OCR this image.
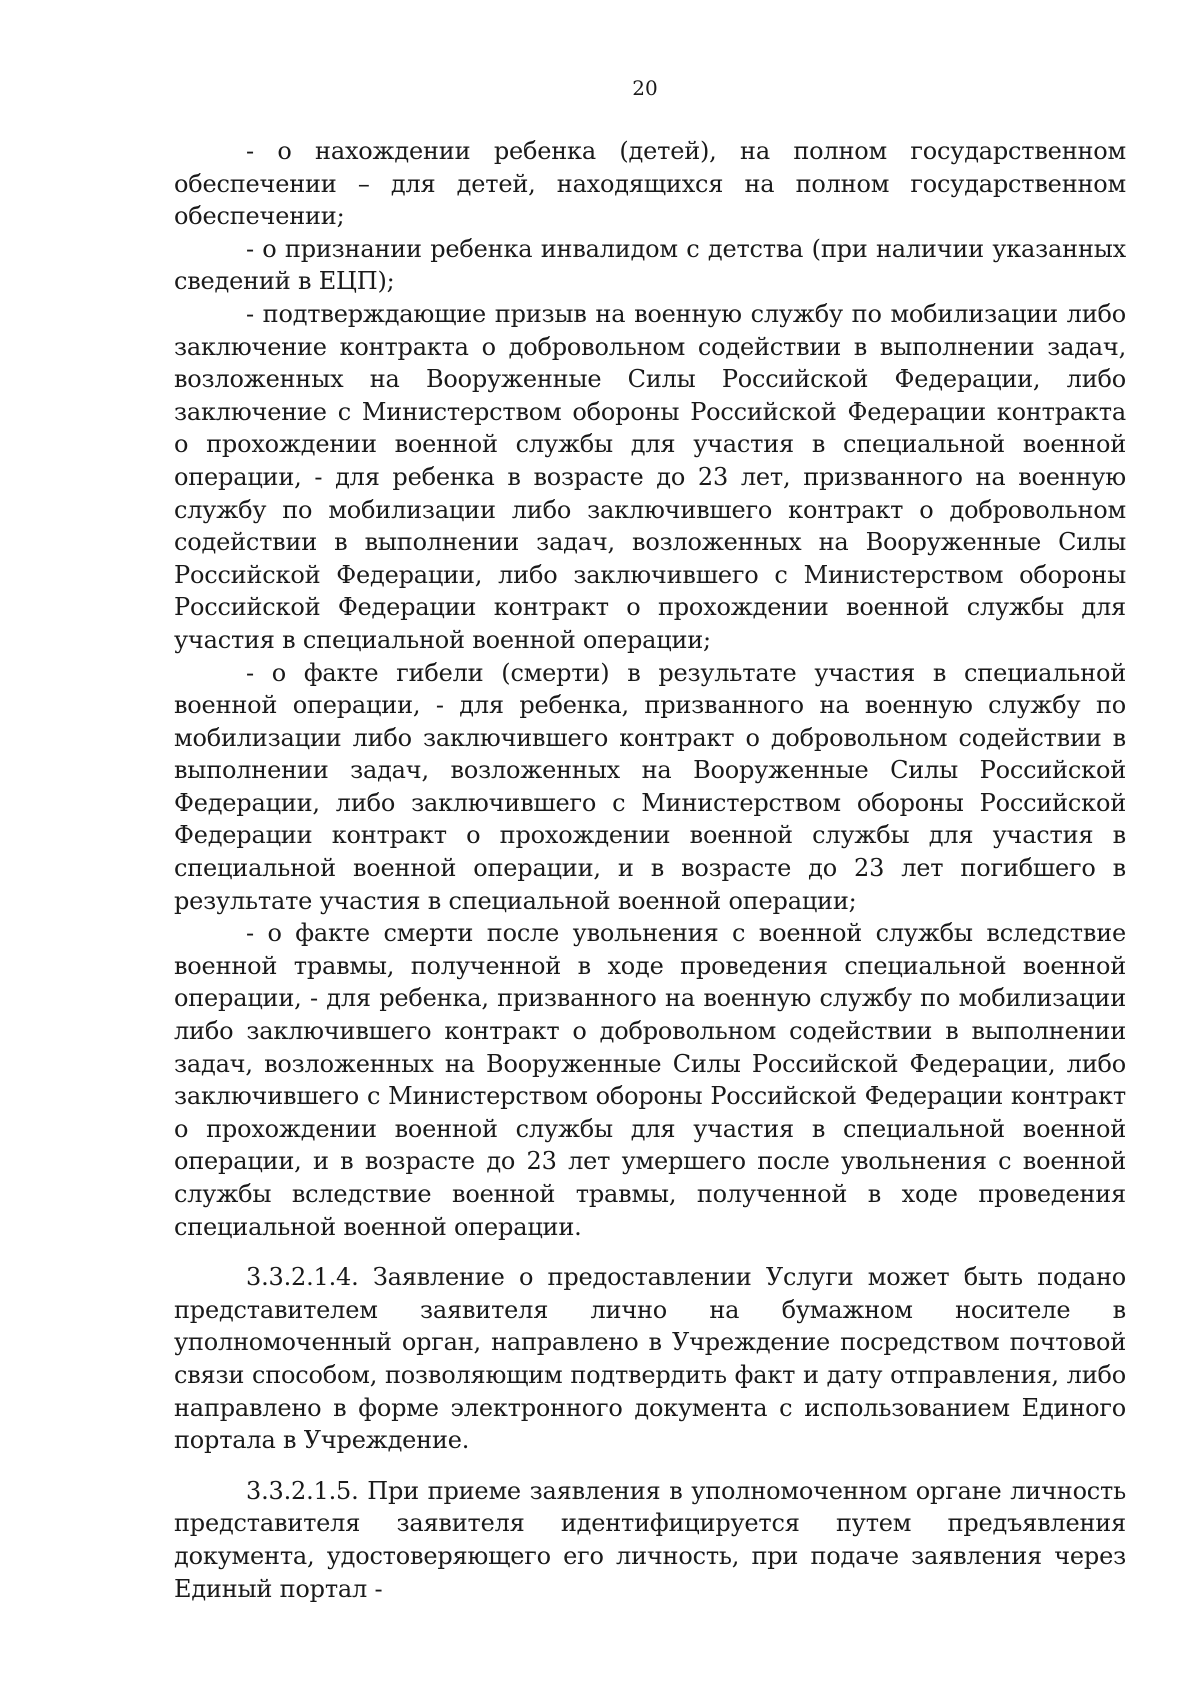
20

- о нахождении ребенка (детей), на полном государственном обеспечении – для детей, находящихся на полном государственном обеспечении;

- о признании ребенка инвалидом с детства (при наличии указанных сведений в ЕЦП);

- подтверждающие призыв на военную службу по мобилизации либо заключение контракта о добровольном содействии в выполнении задач, возложенных на Вооруженные Силы Российской Федерации, либо заключение с Министерством обороны Российской Федерации контракта о прохождении военной службы для участия в специальной военной операции, - для ребенка в возрасте до 23 лет, призванного на военную службу по мобилизации либо заключившего контракт о добровольном содействии в выполнении задач, возложенных на Вооруженные Силы Российской Федерации, либо заключившего с Министерством обороны Российской Федерации контракт о прохождении военной службы для участия в специальной военной операции;

- о факте гибели (смерти) в результате участия в специальной военной операции, - для ребенка, призванного на военную службу по мобилизации либо заключившего контракт о добровольном содействии в выполнении задач, возложенных на Вооруженные Силы Российской Федерации, либо заключившего с Министерством обороны Российской Федерации контракт о прохождении военной службы для участия в специальной военной операции, и в возрасте до 23 лет погибшего в результате участия в специальной военной операции;

- о факте смерти после увольнения с военной службы вследствие военной травмы, полученной в ходе проведения специальной военной операции, - для ребенка, призванного на военную службу по мобилизации либо заключившего контракт о добровольном содействии в выполнении задач, возложенных на Вооруженные Силы Российской Федерации, либо заключившего с Министерством обороны Российской Федерации контракт о прохождении военной службы для участия в специальной военной операции, и в возрасте до 23 лет умершего после увольнения с военной службы вследствие военной травмы, полученной в ходе проведения специальной военной операции.

3.3.2.1.4. Заявление о предоставлении Услуги может быть подано представителем заявителя лично на бумажном носителе в уполномоченный орган, направлено в Учреждение посредством почтовой связи способом, позволяющим подтвердить факт и дату отправления, либо направлено в форме электронного документа с использованием Единого портала в Учреждение.

3.3.2.1.5. При приеме заявления в уполномоченном органе личность представителя заявителя идентифицируется путем предъявления документа, удостоверяющего его личность, при подаче заявления через Единый портал -
